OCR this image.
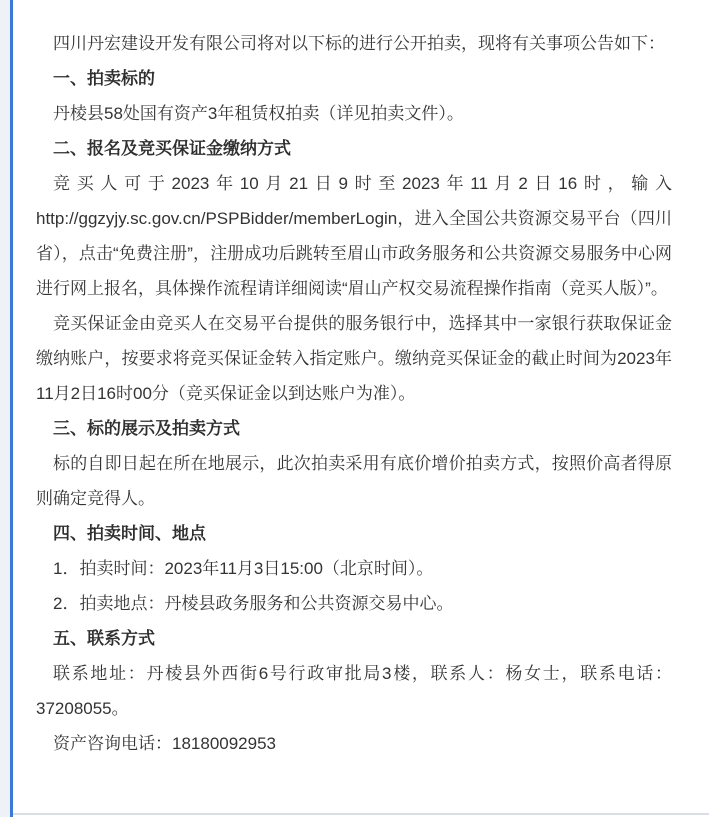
四川丹宏建设开发有限公司将对以下标的进行公开拍卖，现将有关事项公告如下：

一、拍卖标的

丹棱县58处国有资产3年租赁权拍卖（详见拍卖文件）。

二、报名及竞买保证金缴纳方式

竞买人可于2023年10月21日9时至2023年11月2日16时，输入http://ggzyjy.sc.gov.cn/PSPBidder/memberLogin，进入全国公共资源交易平台（四川省），点击“免费注册”，注册成功后跳转至眉山市政务服务和公共资源交易服务中心网进行网上报名，具体操作流程请详细阅读“眉山产权交易流程操作指南（竞买人版）”。

竞买保证金由竞买人在交易平台提供的服务银行中，选择其中一家银行获取保证金缴纳账户，按要求将竞买保证金转入指定账户。缴纳竞买保证金的截止时间为2023年11月2日16时00分（竞买保证金以到达账户为准）。

三、标的展示及拍卖方式

标的自即日起在所在地展示，此次拍卖采用有底价增价拍卖方式，按照价高者得原则确定竞得人。

四、拍卖时间、地点

1．拍卖时间：2023年11月3日15:00（北京时间）。

2．拍卖地点：丹棱县政务服务和公共资源交易中心。

五、联系方式

联系地址：丹棱县外西街6号行政审批局3楼，联系人：杨女士，联系电话：37208055。

资产咨询电话：18180092953
